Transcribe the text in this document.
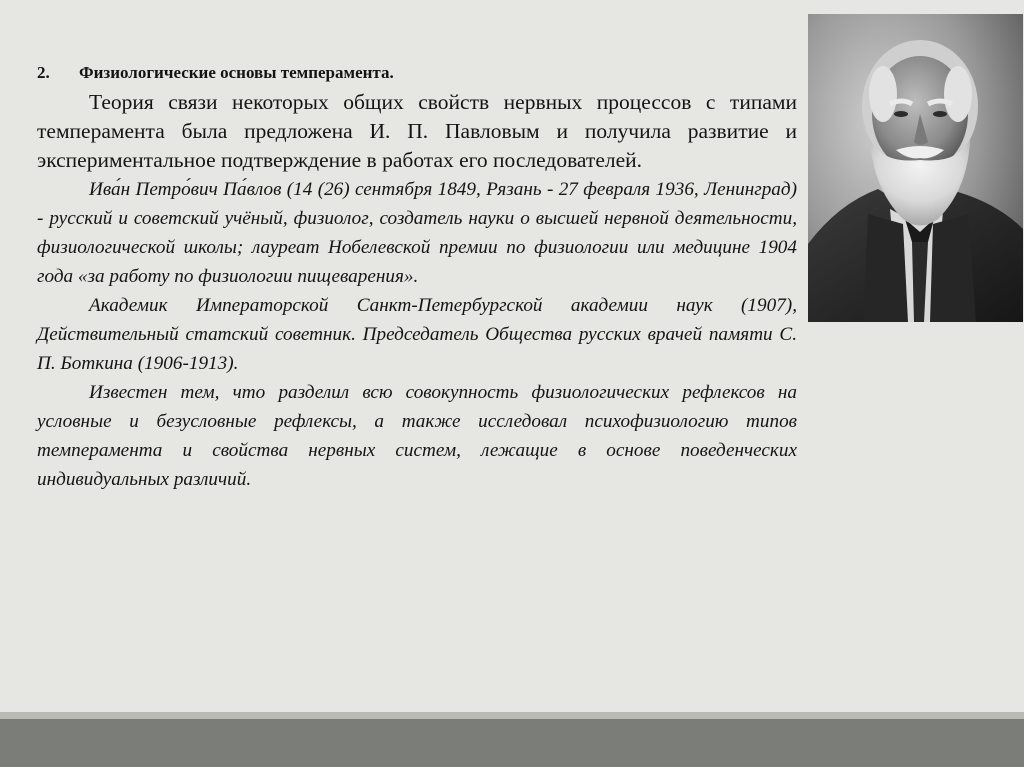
2. Физиологические основы темперамента.

Теория связи некоторых общих свойств нервных процессов с типами темперамента была предложена И. П. Павловым и получила развитие и экспериментальное подтверждение в работах его последователей.

Ива́н Петро́вич Па́влов (14 (26) сентября 1849, Рязань - 27 февраля 1936, Ленинград) - русский и советский учёный, физиолог, создатель науки о высшей нервной деятельности, физиологической школы; лауреат Нобелевской премии по физиологии или медицине 1904 года «за работу по физиологии пищеварения».

Академик Императорской Санкт-Петербургской академии наук (1907), Действительный статский советник. Председатель Общества русских врачей памяти С. П. Боткина (1906-1913).

Известен тем, что разделил всю совокупность физиологических рефлексов на условные и безусловные рефлексы, а также исследовал психофизиологию типов темперамента и свойства нервных систем, лежащие в основе поведенческих индивидуальных различий.
